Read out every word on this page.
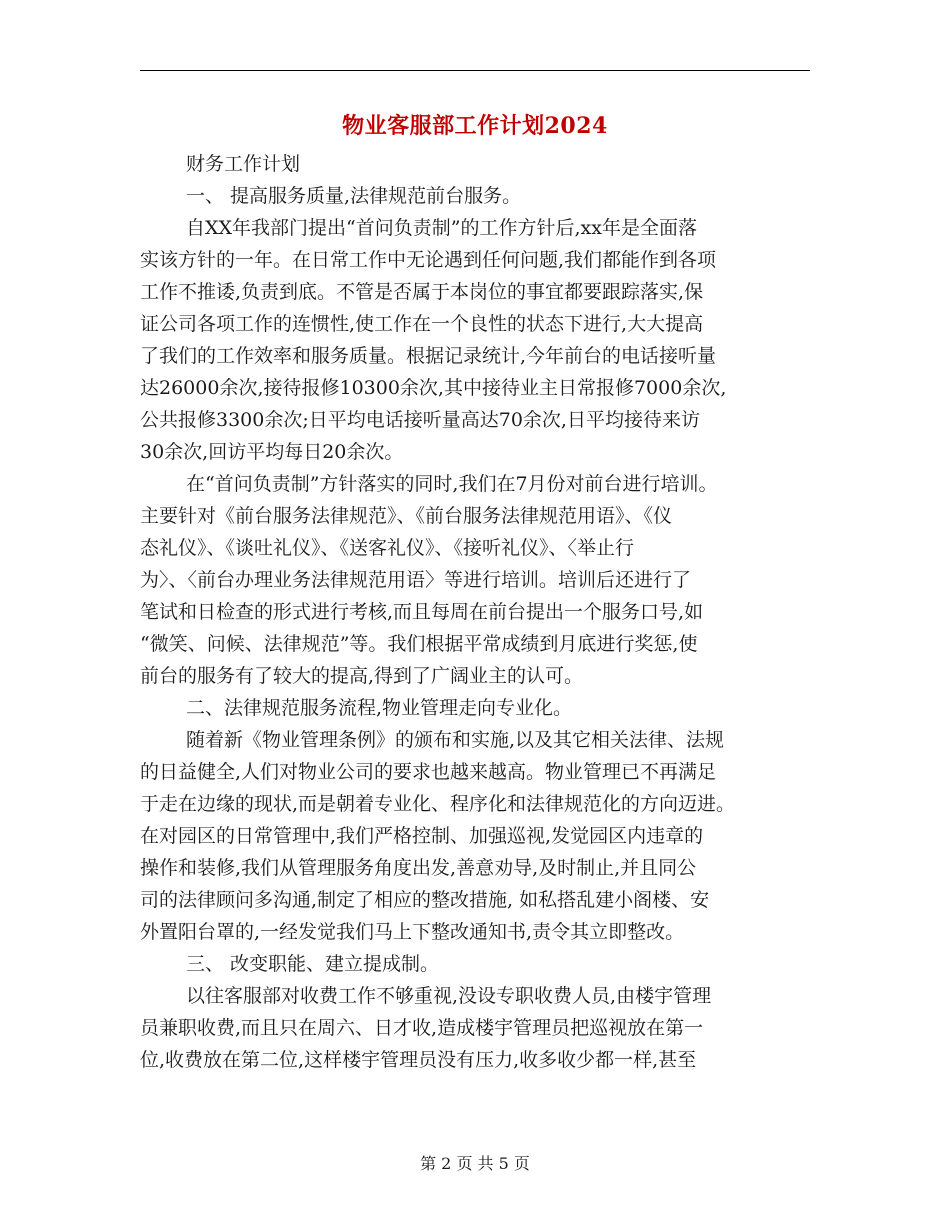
物业客服部工作计划2024
财务工作计划
一、 提高服务质量,法律规范前台服务。
自XX年我部门提出“首问负责制”的工作方针后,xx年是全面落
实该方针的一年。在日常工作中无论遇到任何问题,我们都能作到各项
工作不推诿,负责到底。不管是否属于本岗位的事宜都要跟踪落实,保
证公司各项工作的连惯性,使工作在一个良性的状态下进行,大大提高
了我们的工作效率和服务质量。根据记录统计,今年前台的电话接听量
达26000余次,接待报修10300余次,其中接待业主日常报修7000余次,
公共报修3300余次;日平均电话接听量高达70余次,日平均接待来访
30余次,回访平均每日20余次。
在“首问负责制”方针落实的同时,我们在7月份对前台进行培训。
主要针对《前台服务法律规范》、《前台服务法律规范用语》、《仪
态礼仪》、《谈吐礼仪》、《送客礼仪》、《接听礼仪》、〈举止行
为〉、〈前台办理业务法律规范用语〉等进行培训。培训后还进行了
笔试和日检查的形式进行考核,而且每周在前台提出一个服务口号,如
“微笑、问候、法律规范”等。我们根据平常成绩到月底进行奖惩,使
前台的服务有了较大的提高,得到了广阔业主的认可。
二、法律规范服务流程,物业管理走向专业化。
随着新《物业管理条例》的颁布和实施,以及其它相关法律、法规
的日益健全,人们对物业公司的要求也越来越高。物业管理已不再满足
于走在边缘的现状,而是朝着专业化、程序化和法律规范化的方向迈进。
在对园区的日常管理中,我们严格控制、加强巡视,发觉园区内违章的
操作和装修,我们从管理服务角度出发,善意劝导,及时制止,并且同公
司的法律顾问多沟通,制定了相应的整改措施, 如私搭乱建小阁楼、安
外置阳台罩的,一经发觉我们马上下整改通知书,责令其立即整改。
三、 改变职能、建立提成制。
以往客服部对收费工作不够重视,没设专职收费人员,由楼宇管理
员兼职收费,而且只在周六、日才收,造成楼宇管理员把巡视放在第一
位,收费放在第二位,这样楼宇管理员没有压力,收多收少都一样,甚至
第 2 页 共 5 页
